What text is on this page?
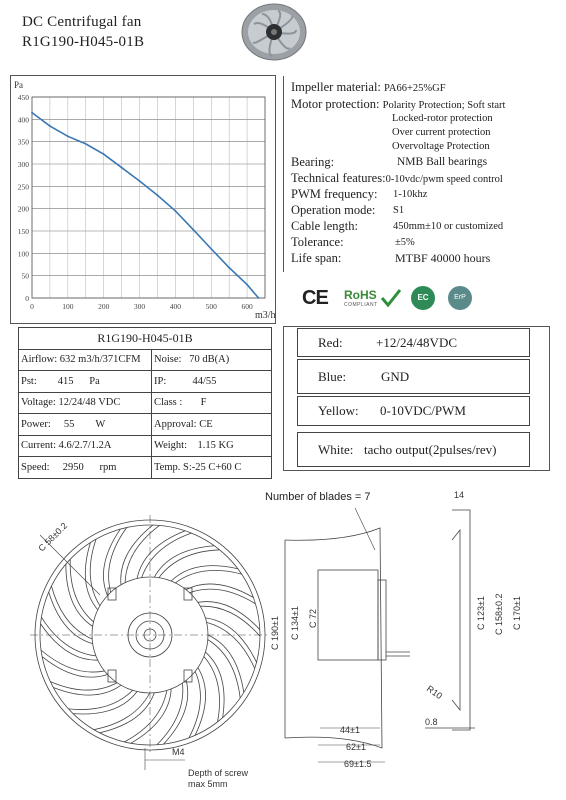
DC Centrifugal fan
R1G190-H045-01B
0
50
100
150
200
250
300
350
400
450
0	100	200	300	400	500	600
Pa
m3/h
Impeller material: PA66+25%GF
Motor protection: Polarity Protection; Soft start
Locked-rotor protection
Over current protection
Overvoltage Protection
Bearing:	NMB Ball bearings
Technical features:0-10vdc/pwm speed control
PWM frequency: 1-10khz
Operation mode: S1
Cable length:	450mm±10 or customized
Tolerance:	±5%
Life span:	MTBF 40000 hours
CE RoHS
COMPLIANT
EC	ErP
R1G190-H045-01B	
Airflow: 632 m3/h/371CFM	Noise: 70 dB(A)
Pst: 415 Pa	IP: 44/55
Voltage: 12/24/48 VDC	Class : F
Power: 55 W	Approval: CE
Current: 4.6/2.7/1.2A	Weight: 1.15 KG
Speed: 2950 rpm	Temp. S:-25 C+60 C
Red:	+12/24/48VDC
Blue:	GND
Yellow: 0-10VDC/PWM
White: tacho output(2pulses/rev)
C 58±0.2
M4
Depth of screw
max 5mm
Number of blades = 7
C 190±1 C 134±1 C 72
44±1
62±1
69±1.5
14
C 123±1 C 158±0.2 C 170±1
R10
0.8
